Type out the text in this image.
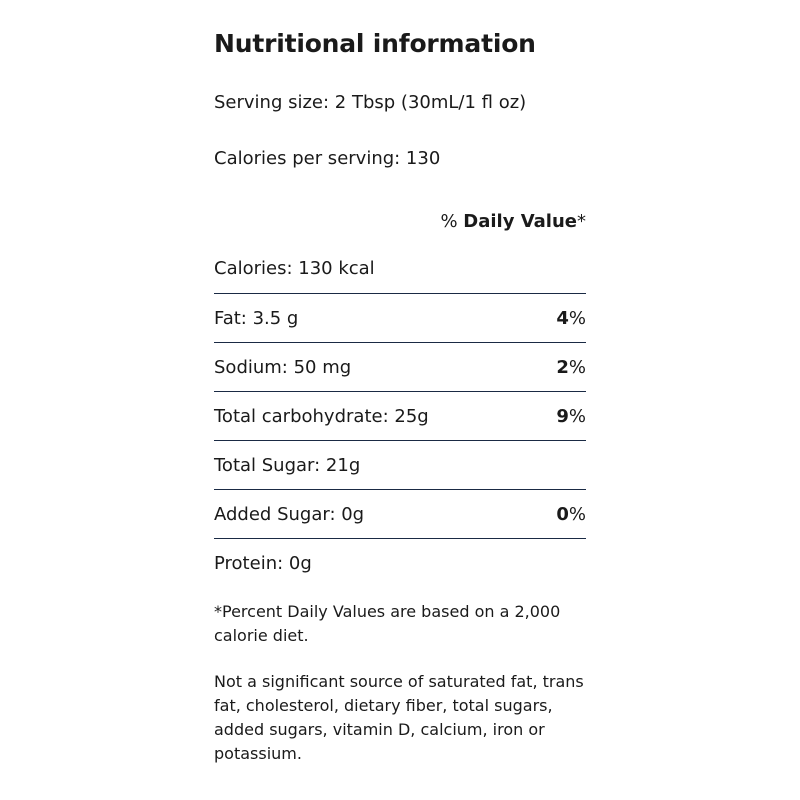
Nutritional information

Serving size: 2 Tbsp (30mL/1 fl oz)

Calories per serving: 130

% Daily Value*
Calories: 130 kcal
Fat: 3.5 g	4%
Sodium: 50 mg	2%
Total carbohydrate: 25g	9%
Total Sugar: 21g
Added Sugar: 0g	0%
Protein: 0g

*Percent Daily Values are based on a 2,000 calorie diet.

Not a significant source of saturated fat, trans fat, cholesterol, dietary fiber, total sugars, added sugars, vitamin D, calcium, iron or potassium.
